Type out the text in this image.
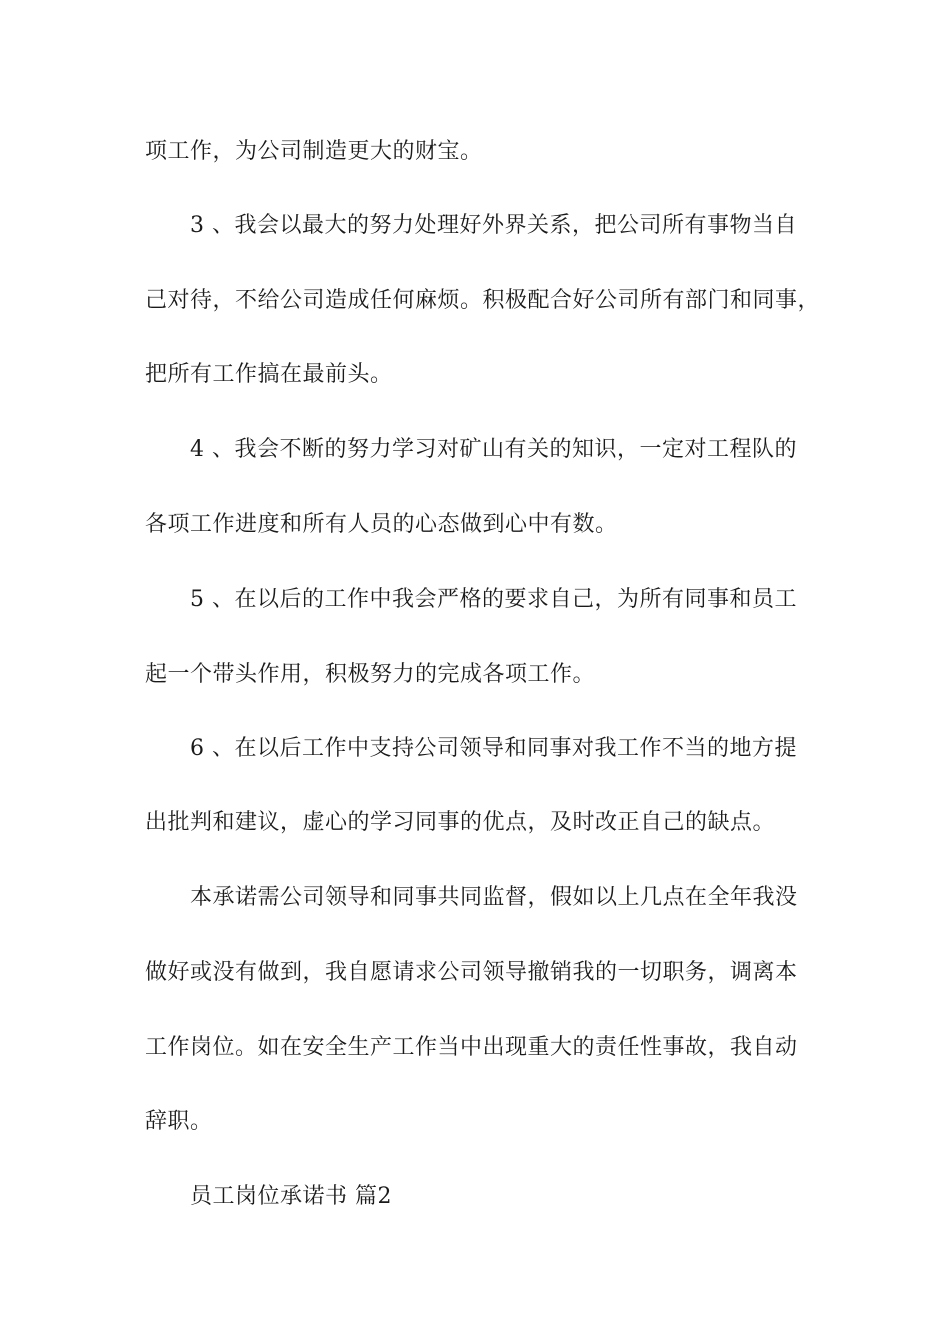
项工作，为公司制造更大的财宝。
3 、我会以最大的努力处理好外界关系，把公司所有事物当自
己对待，不给公司造成任何麻烦。积极配合好公司所有部门和同事，
把所有工作搞在最前头。
4 、我会不断的努力学习对矿山有关的知识，一定对工程队的
各项工作进度和所有人员的心态做到心中有数。
5 、在以后的工作中我会严格的要求自己，为所有同事和员工
起一个带头作用，积极努力的完成各项工作。
6 、在以后工作中支持公司领导和同事对我工作不当的地方提
出批判和建议，虚心的学习同事的优点，及时改正自己的缺点。
本承诺需公司领导和同事共同监督，假如以上几点在全年我没
做好或没有做到，我自愿请求公司领导撤销我的一切职务，调离本
工作岗位。如在安全生产工作当中出现重大的责任性事故，我自动
辞职。
员工岗位承诺书 篇2
